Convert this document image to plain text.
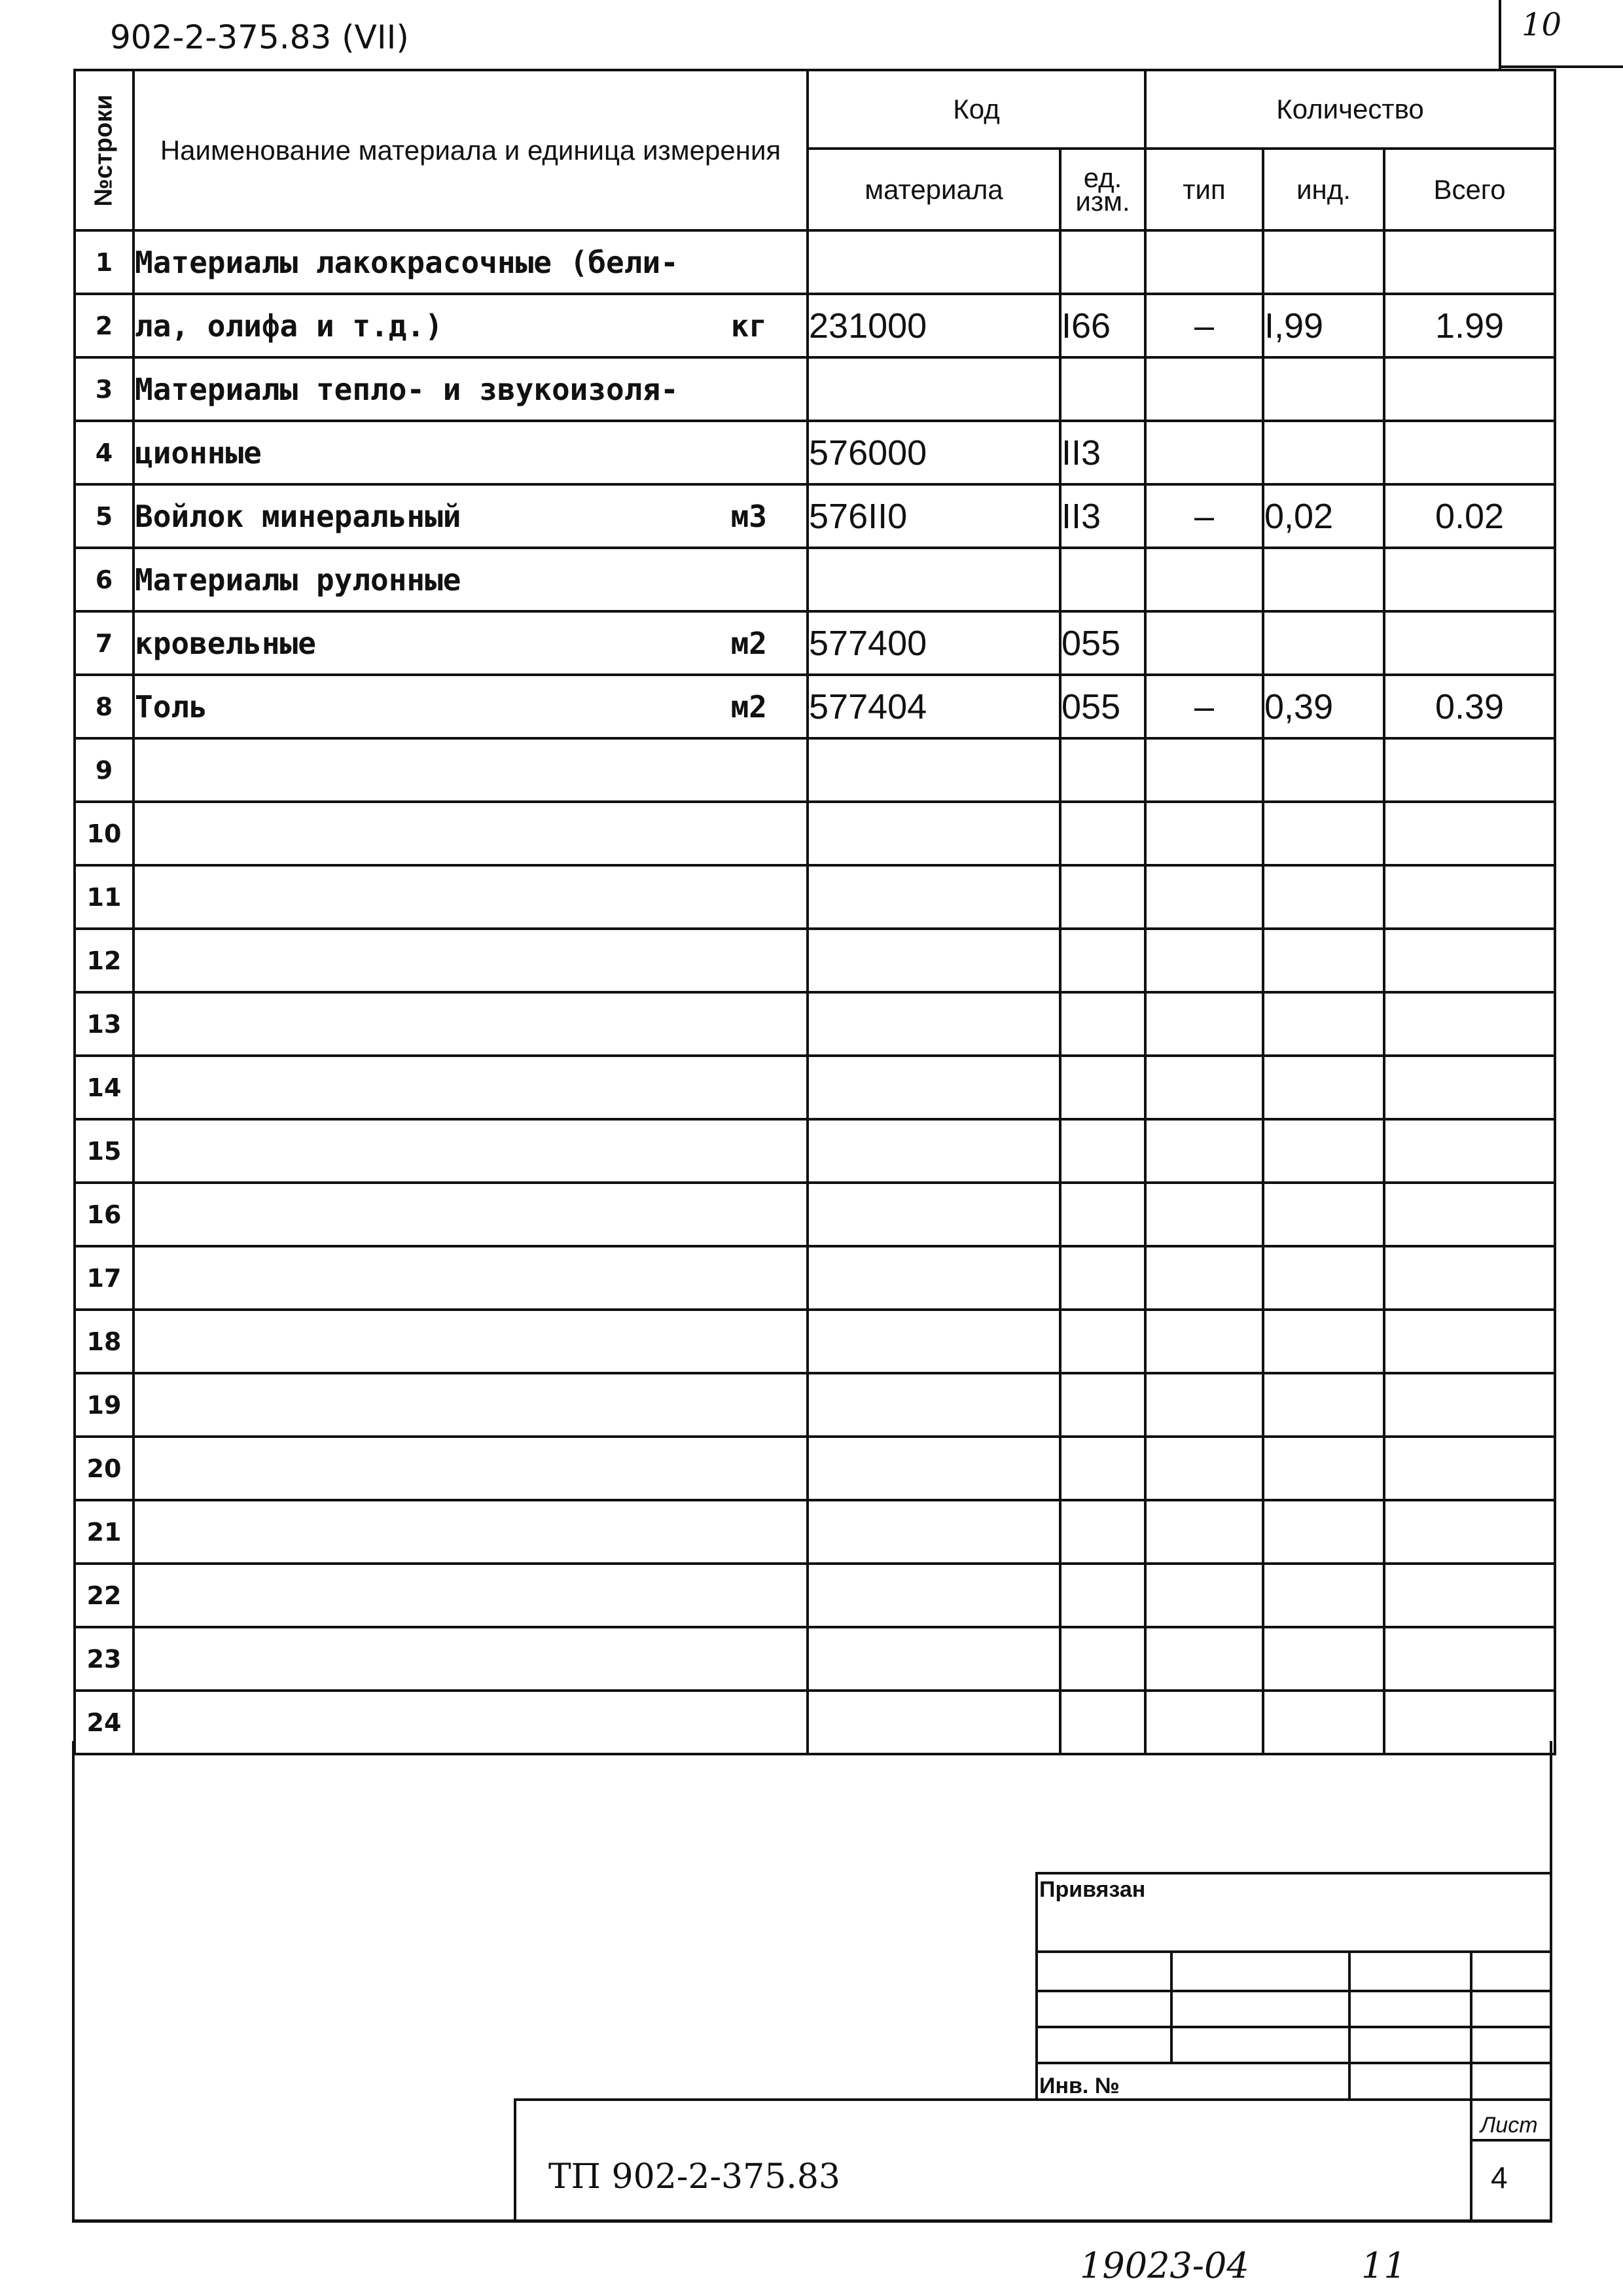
902-2-375.83 (VII)	10
№строки	Наименование материала и единица измерения	Код		Количество		
		материала	ед. изм.	тип	инд.	Всего
1	Материалы лакокрасочные (бели-

2	ла, олифа и т.д.) кг	231000	I66	–	I,99	1.99
3	Материалы тепло- и звукоизоля-

4	ционные	576000	II3			
5	Войлок минеральный м3	576II0	II3	–	0,02	0.02
6	Материалы рулонные

7	кровельные м2	577400	055			
8	Толь м2	577404	055	–	0,39	0.39
9	

10	

11	

12	

13	

14	

15	

16	

17	

18	

19	

20	

21	

22	

23	

24	

Привязан
Инв. №
Лист
4
ТП 902-2-375.83
19023-04	11
